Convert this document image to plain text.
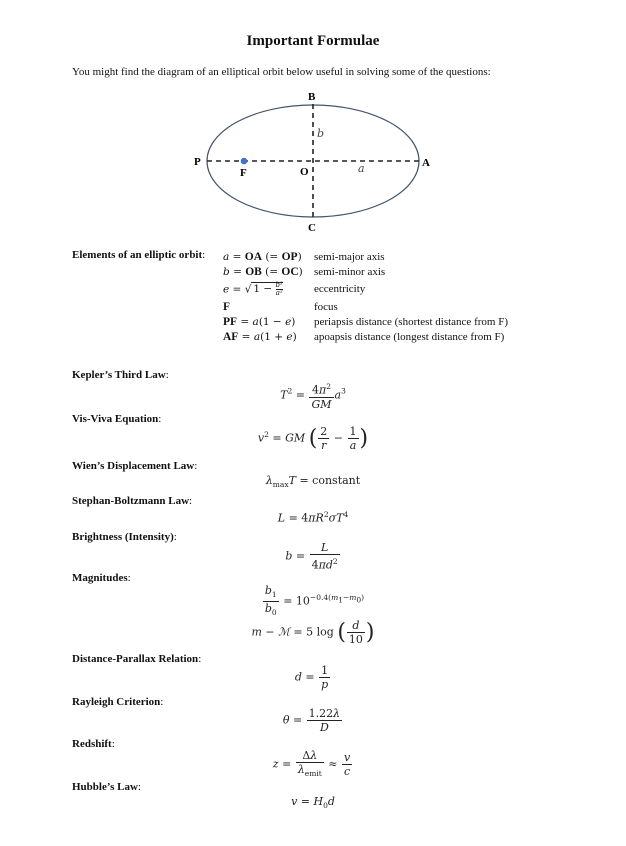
Important Formulae
You might find the diagram of an elliptical orbit below useful in solving some of the questions:
B
P
F	O
A
C
b
a
Elements of an elliptic orbit: a = OA (= OP)	semi-major axis
b = OB (= OC)	semi-minor axis
e = √ $1 - \frac{\text{b²}}{\text{a²}}$	eccentricity
F	focus
PF = a(1 − e)	periapsis distance (shortest distance from F)
AF = a(1 + e)	apoapsis distance (longest distance from F)
Kepler’s Third Law:
$T^2 = \frac{4\pi^2}{GM} a^3$
Vis-Viva Equation:
$v^2$ = GM ( $\frac{2}{r} - \frac{1}{a}$ )
Wien’s Displacement Law:
$\lambda_{max}T$ = constant
Stephan-Boltzmann Law:
$L = 4\pi R^2\sigma T^4$
Brightness (Intensity):
$b = \frac{L}{4\pi d^2}$
Magnitudes:
$\frac{b_1}{b_0} = 10^{-0.4(m_1-m_0)}$
m − ℳ = 5 log ( $\frac{d}{10}$ )
Distance-Parallax Relation:
$d = \frac{1}{p}$
Rayleigh Criterion:
$\theta = \frac{1.22\lambda}{D}$
Redshift:
$z = \frac{\Delta\lambda}{\lambda_{emit}} \approx \frac{v}{c}$
Hubble’s Law:
$v = H_0d$
